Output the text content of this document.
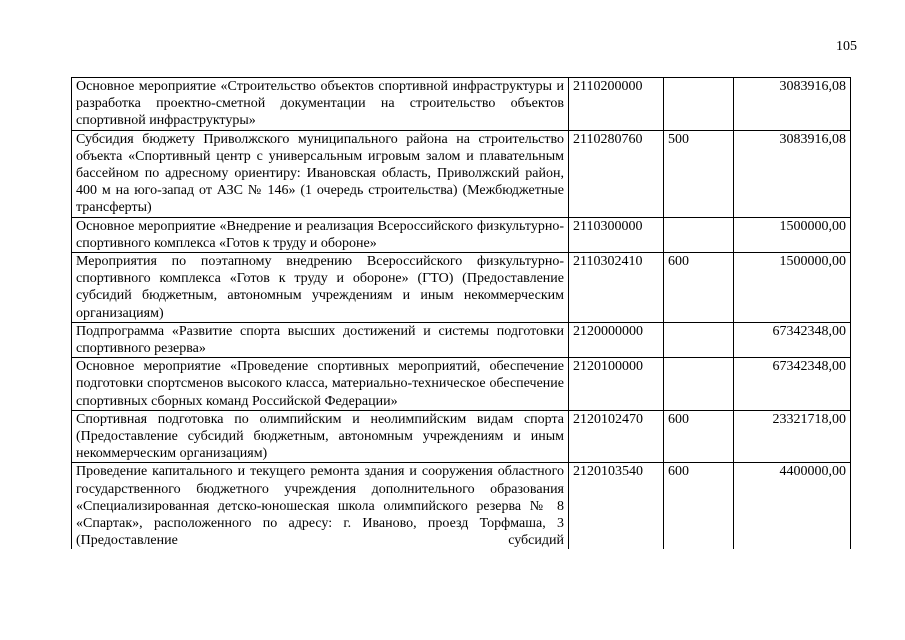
105
Основное мероприятие «Строительство объектов спортивной инфраструктуры и разработка проектно-сметной документации на строительство объектов спортивной инфраструктуры»	2110200000		3083916,08
Субсидия бюджету Приволжского муниципального района на строительство объекта «Спортивный центр с универсальным игровым залом и плавательным бассейном по адресному ориентиру: Ивановская область, Приволжский район, 400 м на юго-запад от АЗС № 146» (1 очередь строительства) (Межбюджетные трансферты)	2110280760	500	3083916,08
Основное мероприятие «Внедрение и реализация Всероссийского физкультурно-спортивного комплекса «Готов к труду и обороне»	2110300000		1500000,00
Мероприятия по поэтапному внедрению Всероссийского физкультурно-спортивного комплекса «Готов к труду и обороне» (ГТО) (Предоставление субсидий бюджетным, автономным учреждениям и иным некоммерческим организациям)	2110302410	600	1500000,00
Подпрограмма «Развитие спорта высших достижений и системы подготовки спортивного резерва»	2120000000		67342348,00
Основное мероприятие «Проведение спортивных мероприятий, обеспечение подготовки спортсменов высокого класса, материально-техническое обеспечение спортивных сборных команд Российской Федерации»	2120100000		67342348,00
Спортивная подготовка по олимпийским и неолимпийским видам спорта (Предоставление субсидий бюджетным, автономным учреждениям и иным некоммерческим организациям)	2120102470	600	23321718,00
Проведение капитального и текущего ремонта здания и сооружения областного государственного бюджетного учреждения дополнительного образования «Специализированная детско-юношеская школа олимпийского резерва № 8 «Спартак», расположенного по адресу: г. Иваново, проезд Торфмаша, 3 (Предоставление субсидий	2120103540	600	4400000,00
